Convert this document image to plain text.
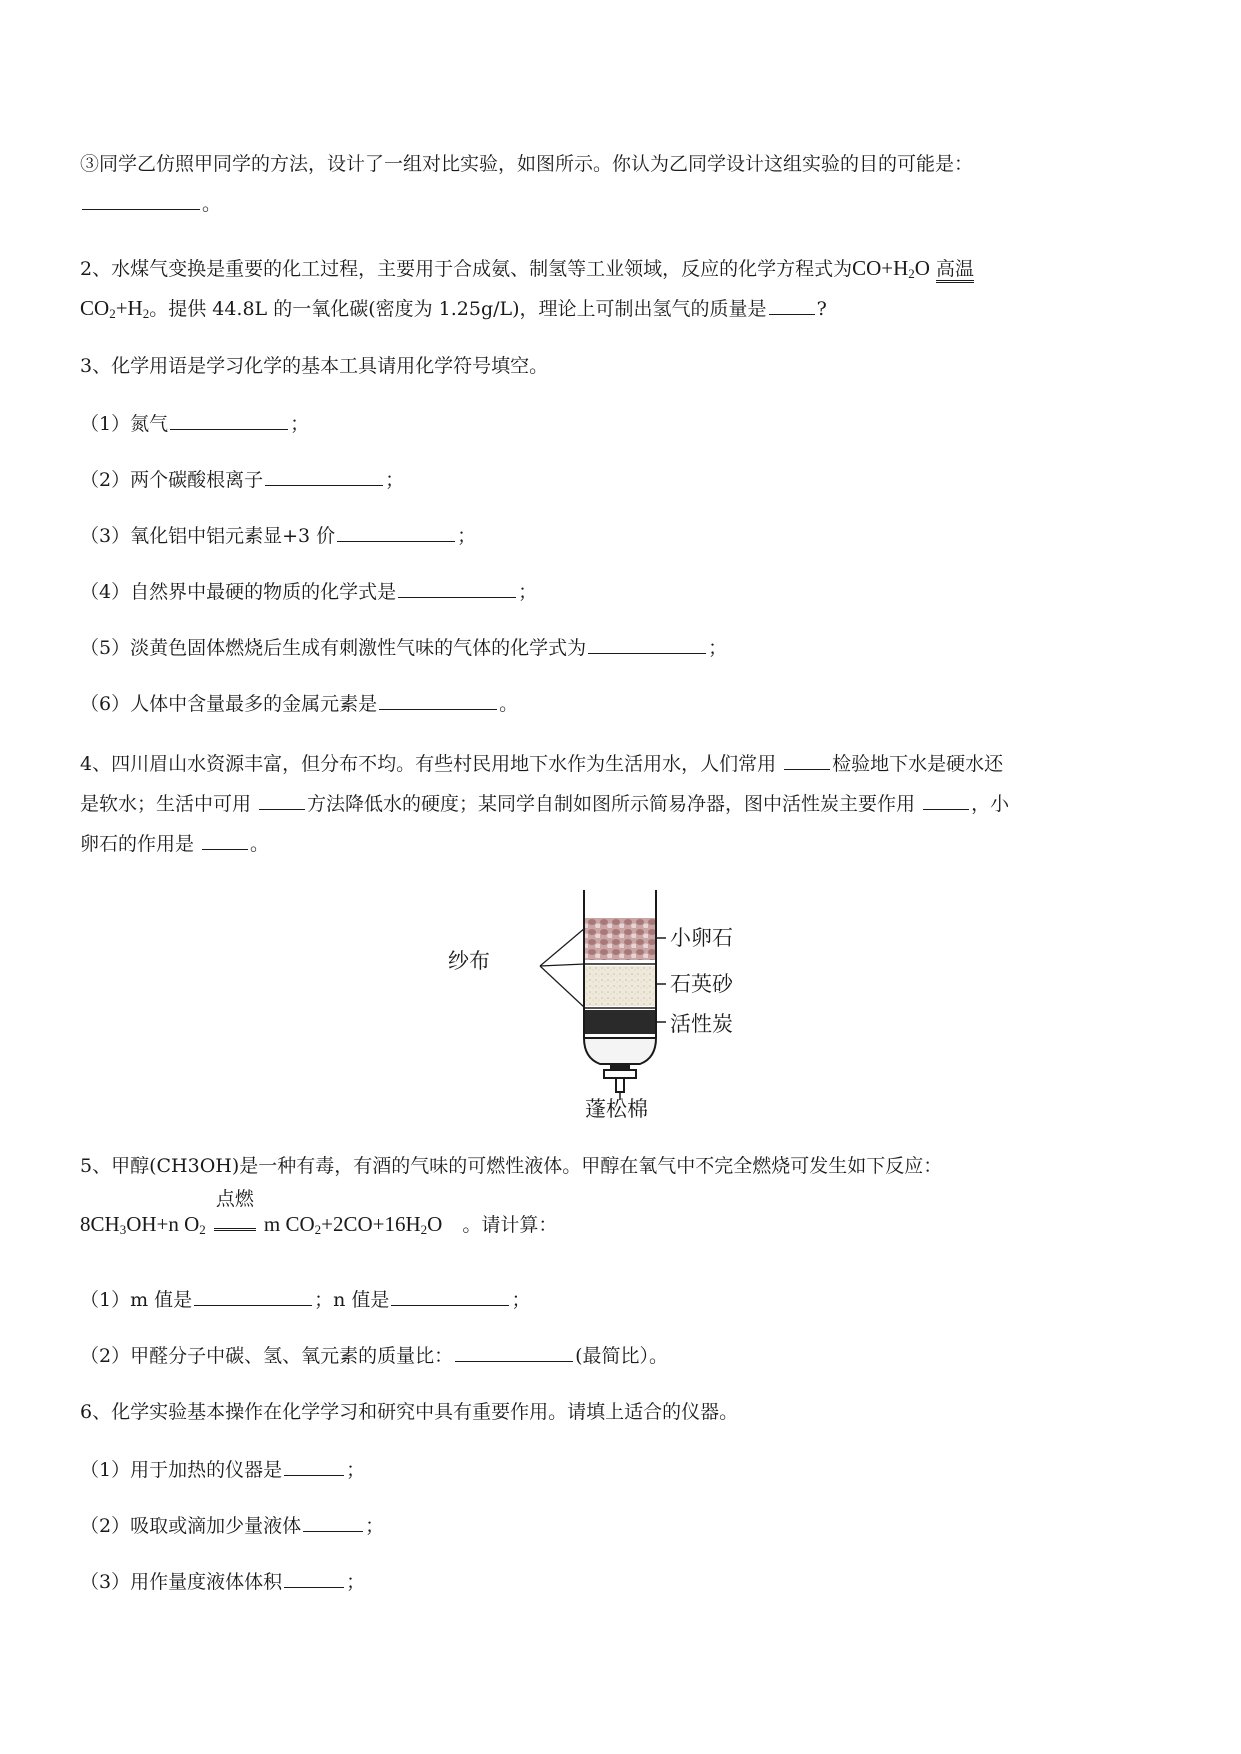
③同学乙仿照甲同学的方法，设计了一组对比实验，如图所示。你认为乙同学设计这组实验的目的可能是：
。
2、水煤气变换是重要的化工过程，主要用于合成氨、制氢等工业领域，反应的化学方程式为$CO+H_2O$ 高温
$CO_2+H_2$。提供 44.8L 的一氧化碳(密度为 1.25g/L)，理论上可制出氢气的质量是	?
3、化学用语是学习化学的基本工具请用化学符号填空。
（1）氮气	；
（2）两个碳酸根离子	；
（3）氧化铝中铝元素显+3 价	；
（4）自然界中最硬的物质的化学式是	；
（5）淡黄色固体燃烧后生成有刺激性气味的气体的化学式为	；
（6）人体中含量最多的金属元素是	。
4、四川眉山水资源丰富，但分布不均。有些村民用地下水作为生活用水，人们常用	检验地下水是硬水还
是软水；生活中可用	方法降低水的硬度；某同学自制如图所示简易净器，图中活性炭主要作用	，小
卵石的作用是	。
纱布
小卵石
石英砂
活性炭
蓬松棉
5、甲醇(CH3OH)是一种有毒，有酒的气味的可燃性液体。甲醇在氧气中不完全燃烧可发生如下反应：
$8CH_3OH+n$ $O_2$
点燃
m $CO_2+2CO+16H_2O$ 。请计算：
（1）m 值是	；n 值是	；
（2）甲醛分子中碳、氢、氧元素的质量比：	(最简比）。
6、化学实验基本操作在化学学习和研究中具有重要作用。请填上适合的仪器。
（1）用于加热的仪器是	；
（2）吸取或滴加少量液体	；
（3）用作量度液体体积	；
